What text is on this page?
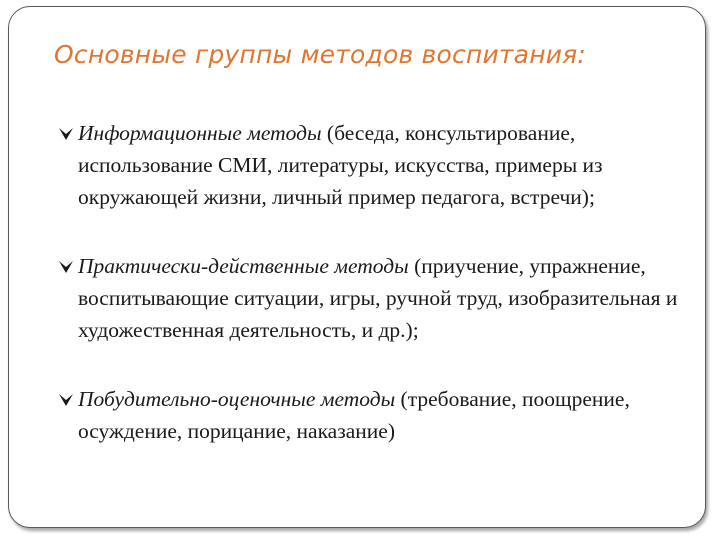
Основные группы методов воспитания:
Информационные методы (беседа, консультирование, использование СМИ, литературы, искусства, примеры из окружающей жизни, личный пример педагога, встречи);
Практически-действенные методы (приучение, упражнение, воспитывающие ситуации, игры, ручной труд, изобразительная и художественная деятельность, и др.);
Побудительно-оценочные методы (требование, поощрение, осуждение, порицание, наказание)
